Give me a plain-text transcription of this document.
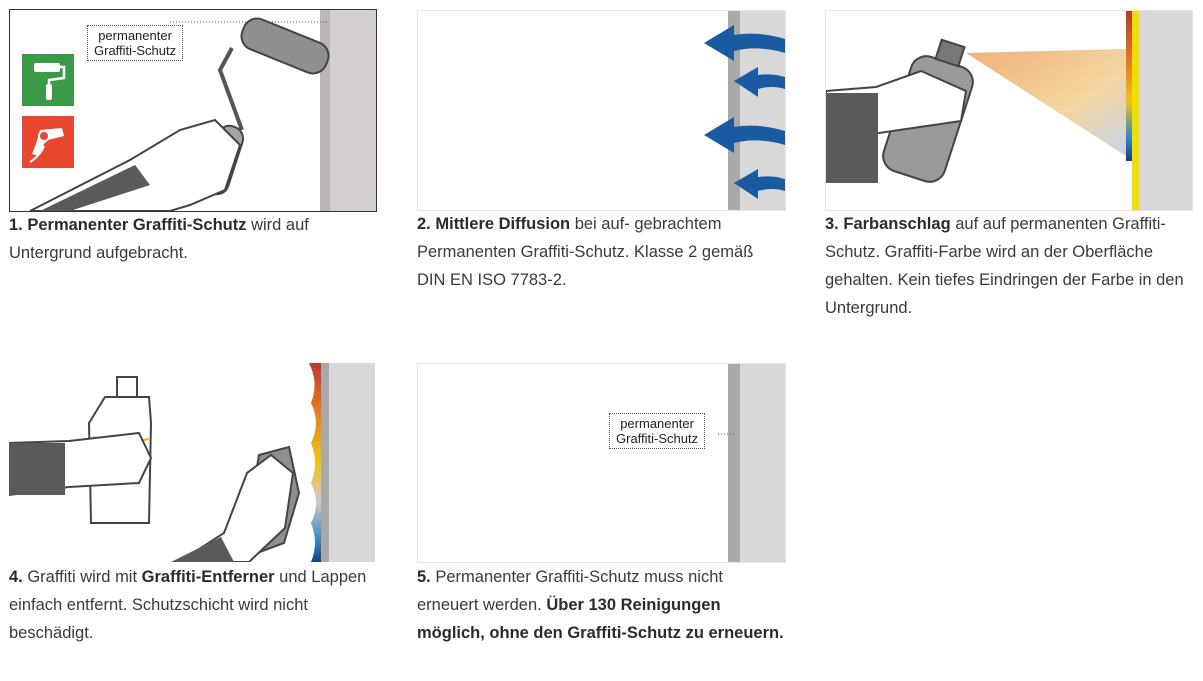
permanenter
Graffiti-Schutz

1. Permanenter Graffiti-Schutz wird auf Untergrund aufgebracht.

2. Mittlere Diffusion bei auf- gebrachtem Permanenten Graffiti-Schutz. Klasse 2 gemäß DIN EN ISO 7783-2.

3. Farbanschlag auf auf permanenten Graffiti-Schutz. Graffiti-Farbe wird an der Oberfläche gehalten. Kein tiefes Eindringen der Farbe in den Untergrund.

4. Graffiti wird mit Graffiti-Entferner und Lappen einfach entfernt. Schutzschicht wird nicht beschädigt.

permanenter
Graffiti-Schutz

5. Permanenter Graffiti-Schutz muss nicht erneuert werden. Über 130 Reinigungen möglich, ohne den Graffiti-Schutz zu erneuern.
